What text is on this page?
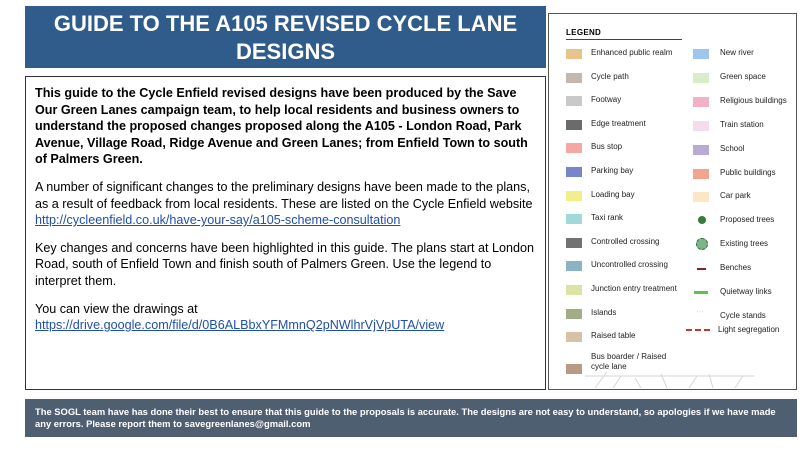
GUIDE TO THE A105 REVISED CYCLE LANE DESIGNS
(May 2016)

This guide to the Cycle Enfield revised designs have been produced by the Save Our Green Lanes campaign team, to help local residents and business owners to understand the proposed changes proposed along the A105 - London Road, Park Avenue, Village Road, Ridge Avenue and Green Lanes; from Enfield Town to south of Palmers Green.

A number of significant changes to the preliminary designs have been made to the plans, as a result of feedback from local residents. These are listed on the Cycle Enfield website
http://cycleenfield.co.uk/have-your-say/a105-scheme-consultation

Key changes and concerns have been highlighted in this guide. The plans start at London Road, south of Enfield Town and finish south of Palmers Green. Use the legend to interpret them.

You can view the drawings at
https://drive.google.com/file/d/0B6ALBbxYFMmnQ2pNWlhrVjVpUTA/view

LEGEND
Enhanced public realm
Cycle path
Footway
Edge treatment
Bus stop
Parking bay
Loading bay
Taxi rank
Controlled crossing
Uncontrolled crossing
Junction entry treatment
Islands
Raised table
Bus boarder / Raised cycle lane
New river
Green space
Religious buildings
Train station
School
Public buildings
Car park
Proposed trees
Existing trees
Benches
Quietway links
˙˙˙ Cycle stands
Light segregation
The SOGL team have has done their best to ensure that this guide to the proposals is accurate. The designs are not easy to understand, so apologies if we have made any errors. Please report them to savegreenlanes@gmail.com
